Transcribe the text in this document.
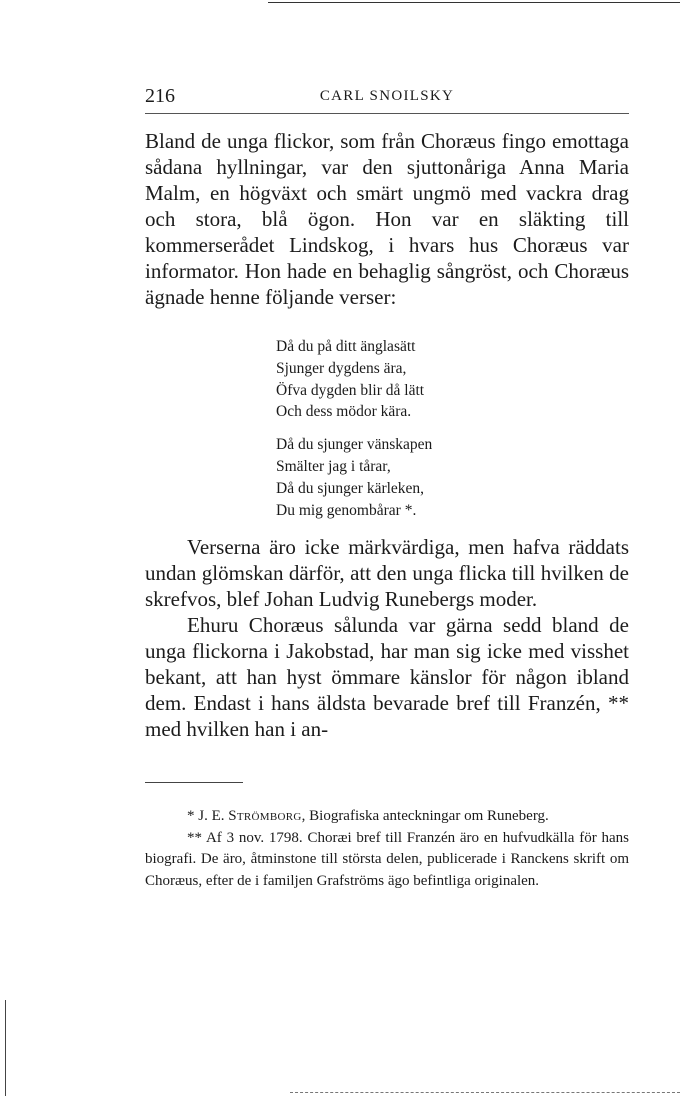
216	CARL SNOILSKY

Bland de unga flickor, som från Choræus fingo emottaga sådana hyllningar, var den sjuttonåriga Anna Maria Malm, en högväxt och smärt ungmö med vackra drag och stora, blå ögon. Hon var en släkting till kommerserådet Lindskog, i hvars hus Choræus var informator. Hon hade en behaglig sångröst, och Choræus ägnade henne följande verser:

Då du på ditt änglasätt
Sjunger dygdens ära,
Öfva dygden blir då lätt
Och dess mödor kära.
Då du sjunger vänskapen
Smälter jag i tårar,
Då du sjunger kärleken,
Du mig genombårar *.

Verserna äro icke märkvärdiga, men hafva räddats undan glömskan därför, att den unga flicka till hvilken de skrefvos, blef Johan Ludvig Runebergs moder.

Ehuru Choræus sålunda var gärna sedd bland de unga flickorna i Jakobstad, har man sig icke med visshet bekant, att han hyst ömmare känslor för någon ibland dem. Endast i hans äldsta bevarade bref till Franzén, ** med hvilken han i an-

* J. E. Strömborg, Biografiska anteckningar om Runeberg.

** Af 3 nov. 1798. Choræi bref till Franzén äro en hufvudkälla för hans biografi. De äro, åtminstone till största delen, publicerade i Ranckens skrift om Choræus, efter de i familjen Grafströms ägo befintliga originalen.
